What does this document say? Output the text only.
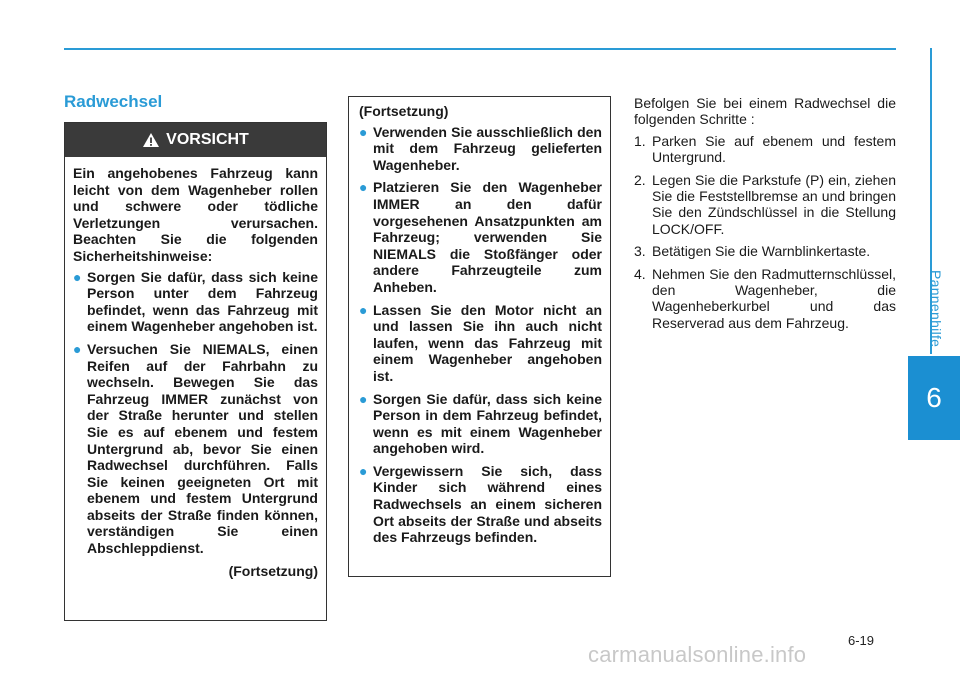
Pannenhilfe
6
Radwechsel
VORSICHT

Ein angehobenes Fahrzeug kann leicht von dem Wagenheber rollen und schwere oder tödliche Verletzungen verursachen. Beachten Sie die folgenden Sicherheitshinweise:

● Sorgen Sie dafür, dass sich keine Person unter dem Fahrzeug befindet, wenn das Fahrzeug mit einem Wagenheber angehoben ist.
● Versuchen Sie NIEMALS, einen Reifen auf der Fahrbahn zu wechseln. Bewegen Sie das Fahrzeug IMMER zunächst von der Straße herunter und stellen Sie es auf ebenem und festem Untergrund ab, bevor Sie einen Radwechsel durchführen. Falls Sie keinen geeigneten Ort mit ebenem und festem Untergrund abseits der Straße finden können, verständigen Sie einen Abschleppdienst.
(Fortsetzung)
(Fortsetzung)
● Verwenden Sie ausschließlich den mit dem Fahrzeug gelieferten Wagenheber.
● Platzieren Sie den Wagenheber IMMER an den dafür vorgesehenen Ansatzpunkten am Fahrzeug; verwenden Sie NIEMALS die Stoßfänger oder andere Fahrzeugteile zum Anheben.
● Lassen Sie den Motor nicht an und lassen Sie ihn auch nicht laufen, wenn das Fahrzeug mit einem Wagenheber angehoben ist.
● Sorgen Sie dafür, dass sich keine Person in dem Fahrzeug befindet, wenn es mit einem Wagenheber angehoben wird.
● Vergewissern Sie sich, dass Kinder sich während eines Radwechsels an einem sicheren Ort abseits der Straße und abseits des Fahrzeugs befinden.
Befolgen Sie bei einem Radwechsel die folgenden Schritte :
1. Parken Sie auf ebenem und festem Untergrund.
2. Legen Sie die Parkstufe (P) ein, ziehen Sie die Feststellbremse an und bringen Sie den Zündschlüssel in die Stellung LOCK/OFF.
3. Betätigen Sie die Warnblinkertaste.
4. Nehmen Sie den Radmutternschlüssel, den Wagenheber, die Wagenheberkurbel und das Reserverad aus dem Fahrzeug.
6-19
carmanualsonline.info
